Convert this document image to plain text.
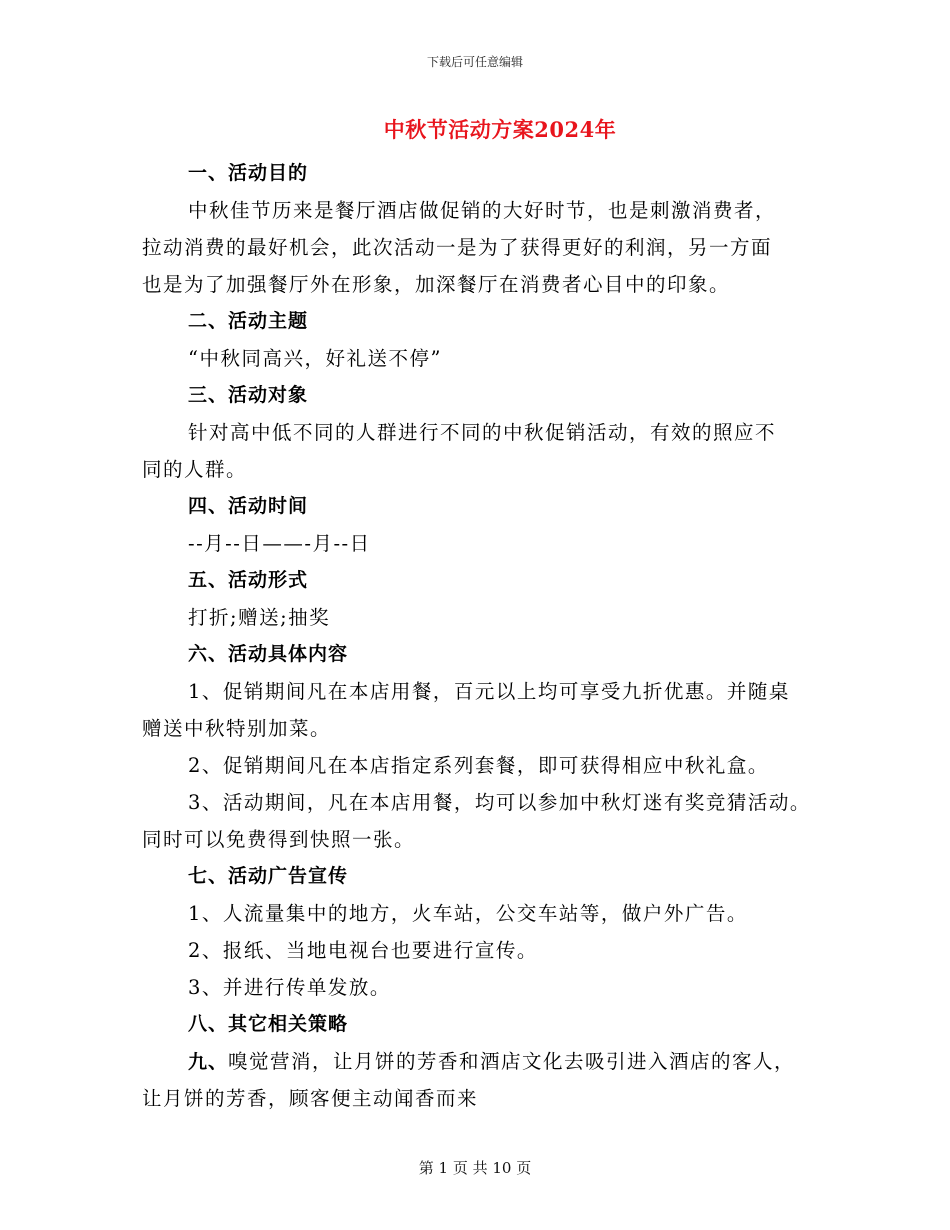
下载后可任意编辑
中秋节活动方案2024年
一、活动目的
中秋佳节历来是餐厅酒店做促销的大好时节，也是刺激消费者，
拉动消费的最好机会，此次活动一是为了获得更好的利润，另一方面
也是为了加强餐厅外在形象，加深餐厅在消费者心目中的印象。
二、活动主题
“中秋同高兴，好礼送不停”
三、活动对象
针对高中低不同的人群进行不同的中秋促销活动，有效的照应不
同的人群。
四、活动时间
--月--日——-月--日
五、活动形式
打折;赠送;抽奖
六、活动具体内容
1、促销期间凡在本店用餐，百元以上均可享受九折优惠。并随桌
赠送中秋特别加菜。
2、促销期间凡在本店指定系列套餐，即可获得相应中秋礼盒。
3、活动期间，凡在本店用餐，均可以参加中秋灯迷有奖竞猜活动。
同时可以免费得到快照一张。
七、活动广告宣传
1、人流量集中的地方，火车站，公交车站等，做户外广告。
2、报纸、当地电视台也要进行宣传。
3、并进行传单发放。
八、其它相关策略
九、嗅觉营消，让月饼的芳香和酒店文化去吸引进入酒店的客人，
让月饼的芳香，顾客便主动闻香而来
第 1 页 共 10 页
